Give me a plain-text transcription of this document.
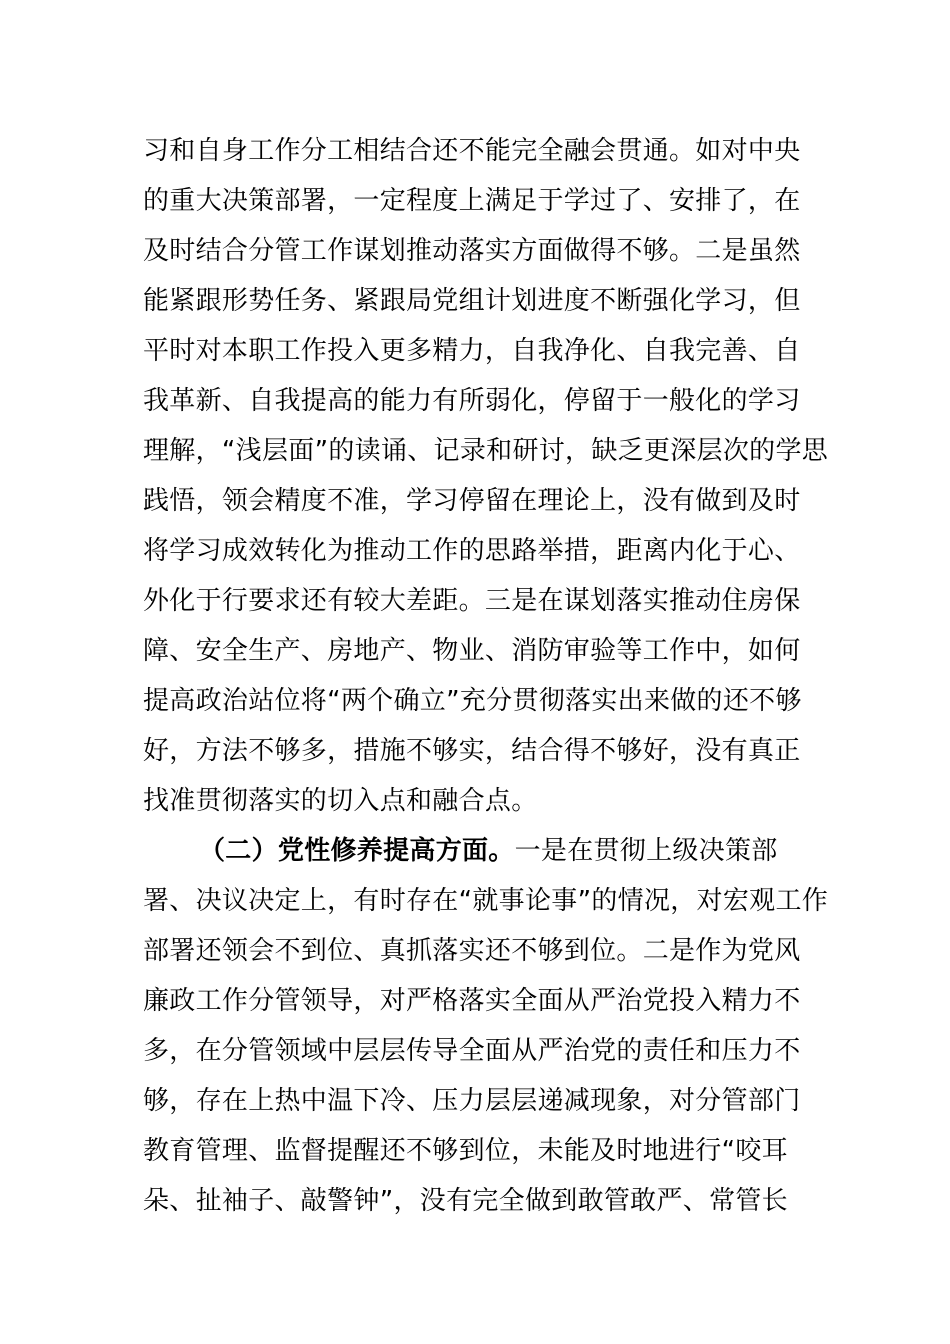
习和自身工作分工相结合还不能完全融会贯通。如对中央
的重大决策部署，一定程度上满足于学过了、安排了，在
及时结合分管工作谋划推动落实方面做得不够。二是虽然
能紧跟形势任务、紧跟局党组计划进度不断强化学习，但
平时对本职工作投入更多精力，自我净化、自我完善、自
我革新、自我提高的能力有所弱化，停留于一般化的学习
理解，“浅层面”的读诵、记录和研讨，缺乏更深层次的学思
践悟，领会精度不准，学习停留在理论上，没有做到及时
将学习成效转化为推动工作的思路举措，距离内化于心、
外化于行要求还有较大差距。三是在谋划落实推动住房保
障、安全生产、房地产、物业、消防审验等工作中，如何
提高政治站位将“两个确立”充分贯彻落实出来做的还不够
好，方法不够多，措施不够实，结合得不够好，没有真正
找准贯彻落实的切入点和融合点。
（二）党性修养提高方面。一是在贯彻上级决策部
署、决议决定上，有时存在“就事论事”的情况，对宏观工作
部署还领会不到位、真抓落实还不够到位。二是作为党风
廉政工作分管领导，对严格落实全面从严治党投入精力不
多，在分管领域中层层传导全面从严治党的责任和压力不
够，存在上热中温下冷、压力层层递减现象，对分管部门
教育管理、监督提醒还不够到位，未能及时地进行“咬耳
朵、扯袖子、敲警钟”，没有完全做到敢管敢严、常管长
